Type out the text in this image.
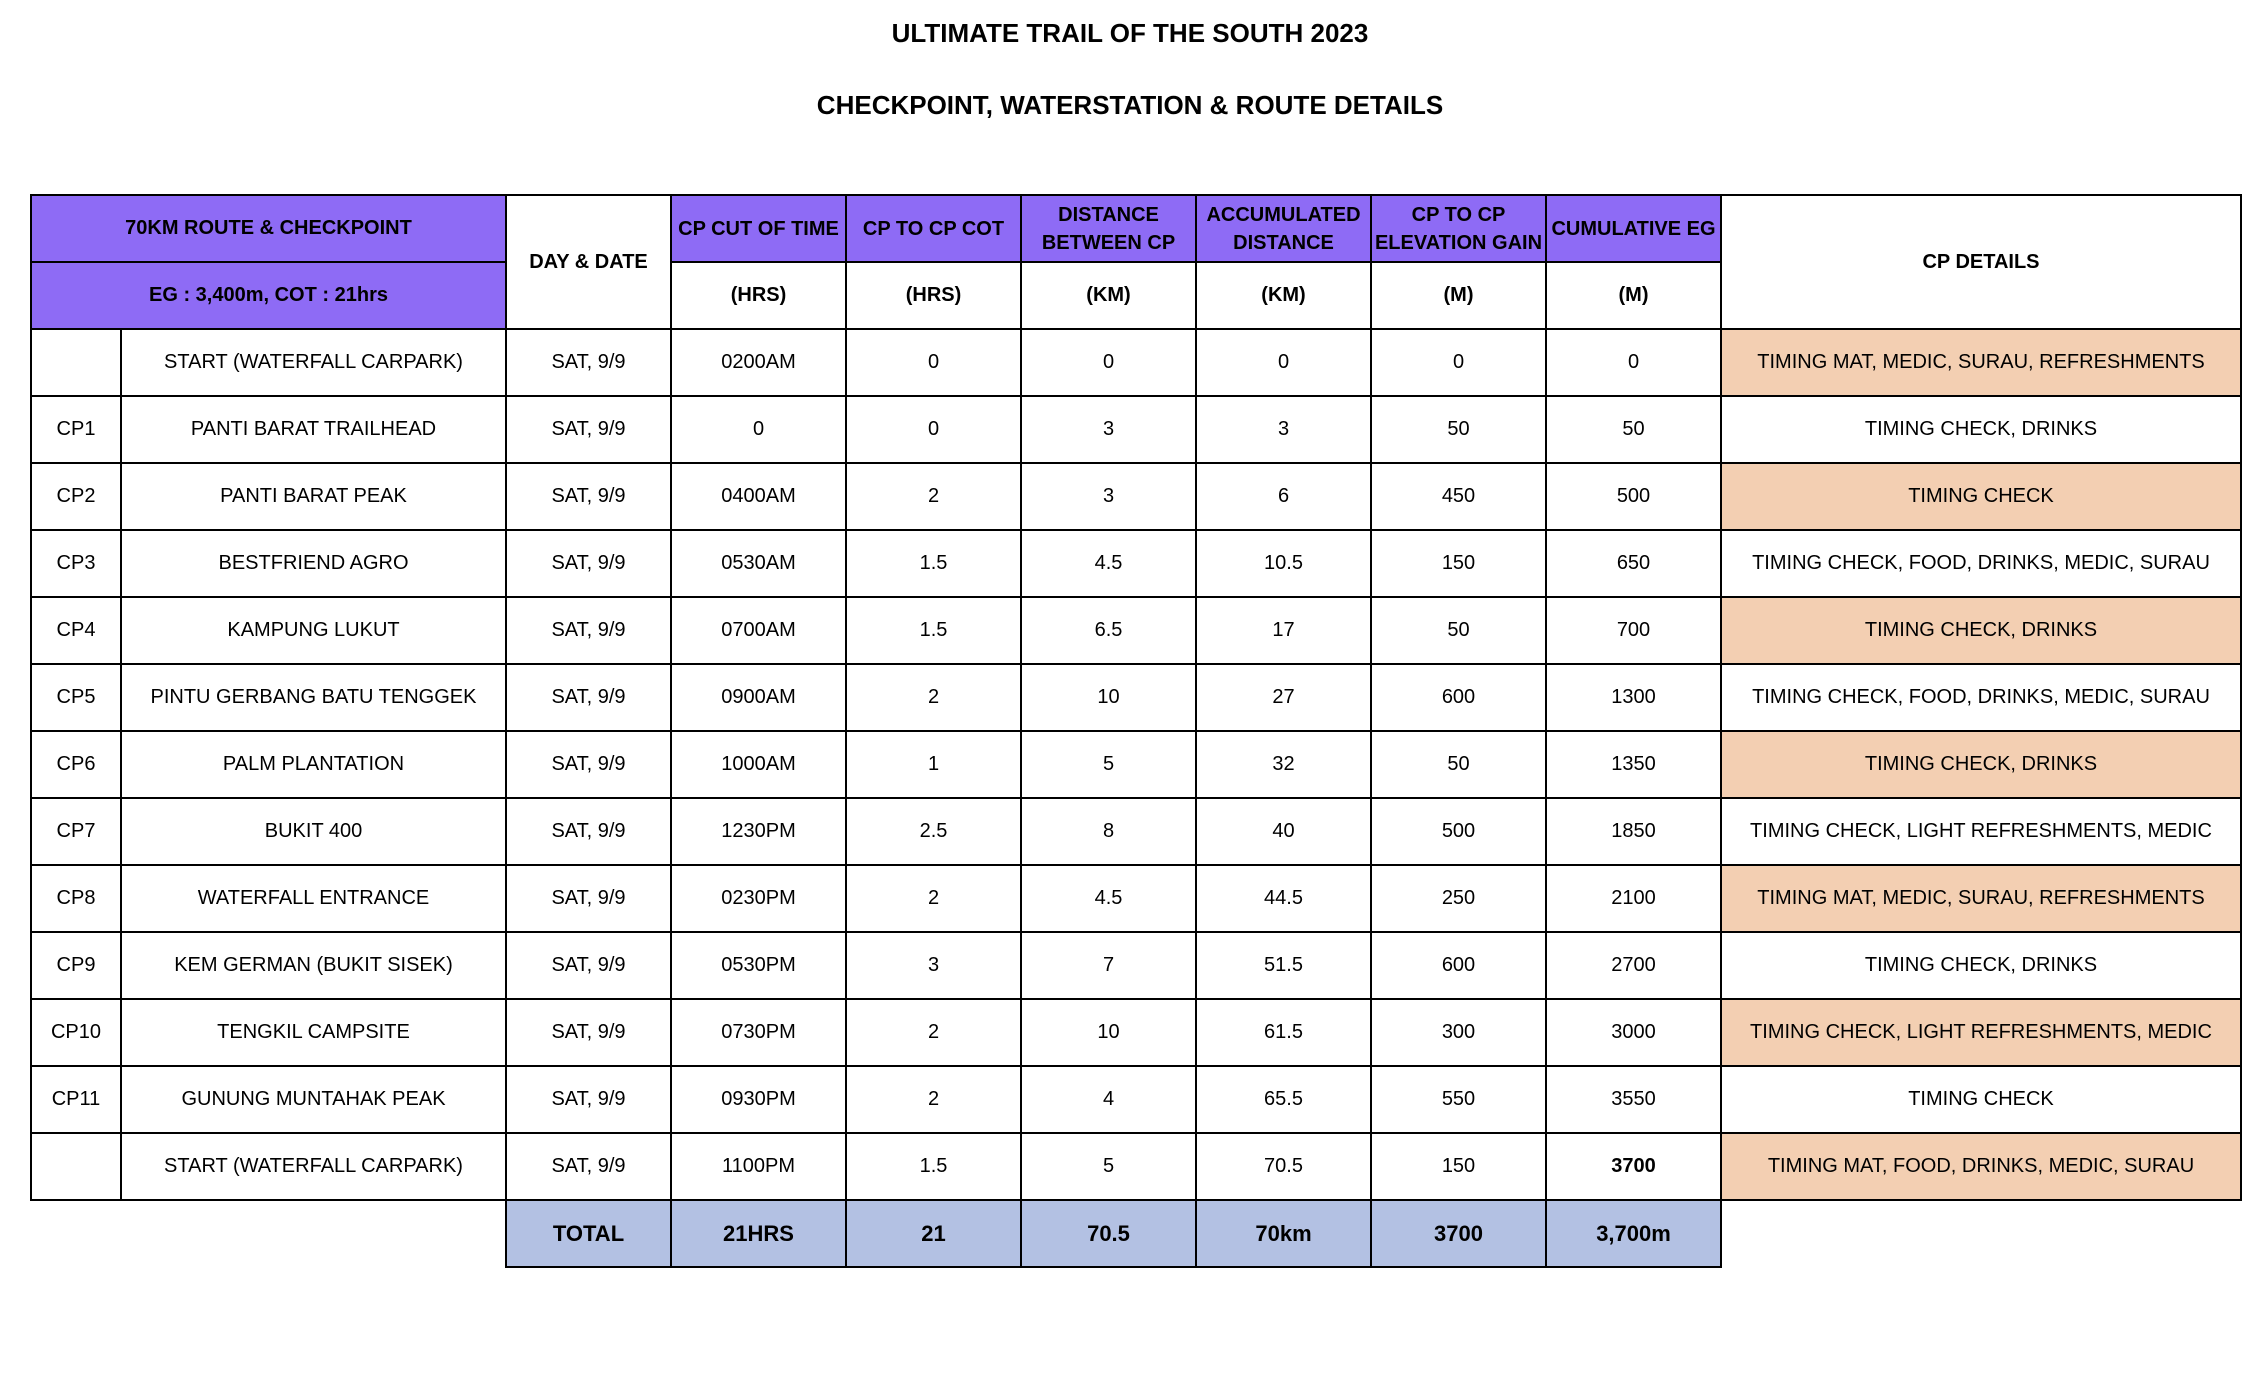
ULTIMATE TRAIL OF THE SOUTH 2023
CHECKPOINT, WATERSTATION & ROUTE DETAILS
70KM ROUTE & CHECKPOINT		DAY & DATE	CP CUT OF TIME	CP TO CP COT	DISTANCE BETWEEN CP	ACCUMULATED DISTANCE	CP TO CP ELEVATION GAIN	CUMULATIVE EG	CP DETAILS
EG : 3,400m, COT : 21hrs			(HRS)	(HRS)	(KM)	(KM)	(M)	(M)	
	START (WATERFALL CARPARK)	SAT, 9/9	0200AM	0	0	0	0	0	TIMING MAT, MEDIC, SURAU, REFRESHMENTS
CP1	PANTI BARAT TRAILHEAD	SAT, 9/9	0	0	3	3	50	50	TIMING CHECK, DRINKS
CP2	PANTI BARAT PEAK	SAT, 9/9	0400AM	2	3	6	450	500	TIMING CHECK
CP3	BESTFRIEND AGRO	SAT, 9/9	0530AM	1.5	4.5	10.5	150	650	TIMING CHECK, FOOD, DRINKS, MEDIC, SURAU
CP4	KAMPUNG LUKUT	SAT, 9/9	0700AM	1.5	6.5	17	50	700	TIMING CHECK, DRINKS
CP5	PINTU GERBANG BATU TENGGEK	SAT, 9/9	0900AM	2	10	27	600	1300	TIMING CHECK, FOOD, DRINKS, MEDIC, SURAU
CP6	PALM PLANTATION	SAT, 9/9	1000AM	1	5	32	50	1350	TIMING CHECK, DRINKS
CP7	BUKIT 400	SAT, 9/9	1230PM	2.5	8	40	500	1850	TIMING CHECK, LIGHT REFRESHMENTS, MEDIC
CP8	WATERFALL ENTRANCE	SAT, 9/9	0230PM	2	4.5	44.5	250	2100	TIMING MAT, MEDIC, SURAU, REFRESHMENTS
CP9	KEM GERMAN (BUKIT SISEK)	SAT, 9/9	0530PM	3	7	51.5	600	2700	TIMING CHECK, DRINKS
CP10	TENGKIL CAMPSITE	SAT, 9/9	0730PM	2	10	61.5	300	3000	TIMING CHECK, LIGHT REFRESHMENTS, MEDIC
CP11	GUNUNG MUNTAHAK PEAK	SAT, 9/9	0930PM	2	4	65.5	550	3550	TIMING CHECK
	START (WATERFALL CARPARK)	SAT, 9/9	1100PM	1.5	5	70.5	150	3700	TIMING MAT, FOOD, DRINKS, MEDIC, SURAU
		TOTAL	21HRS	21	70.5	70km	3700	3,700m	
